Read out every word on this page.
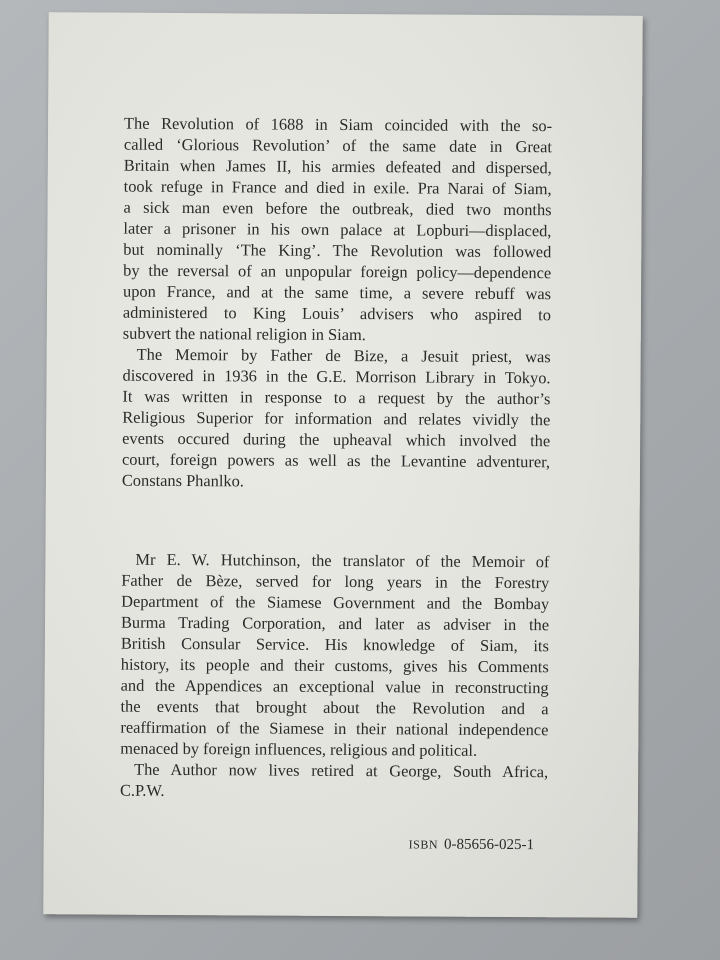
The Revolution of 1688 in Siam coincided with the so-
called ‘Glorious Revolution’ of the same date in Great
Britain when James II, his armies defeated and dispersed,
took refuge in France and died in exile. Pra Narai of Siam,
a sick man even before the outbreak, died two months
later a prisoner in his own palace at Lopburi—displaced,
but nominally ‘The King’. The Revolution was followed
by the reversal of an unpopular foreign policy—dependence
upon France, and at the same time, a severe rebuff was
administered to King Louis’ advisers who aspired to
subvert the national religion in Siam.
The Memoir by Father de Bize, a Jesuit priest, was
discovered in 1936 in the G.E. Morrison Library in Tokyo.
It was written in response to a request by the author’s
Religious Superior for information and relates vividly the
events occured during the upheaval which involved the
court, foreign powers as well as the Levantine adventurer,
Constans Phanlko.
Mr E. W. Hutchinson, the translator of the Memoir of
Father de Bèze, served for long years in the Forestry
Department of the Siamese Government and the Bombay
Burma Trading Corporation, and later as adviser in the
British Consular Service. His knowledge of Siam, its
history, its people and their customs, gives his Comments
and the Appendices an exceptional value in reconstructing
the events that brought about the Revolution and a
reaffirmation of the Siamese in their national independence
menaced by foreign influences, religious and political.
The Author now lives retired at George, South Africa,
C.P.W.
ISBN 0-85656-025-1
